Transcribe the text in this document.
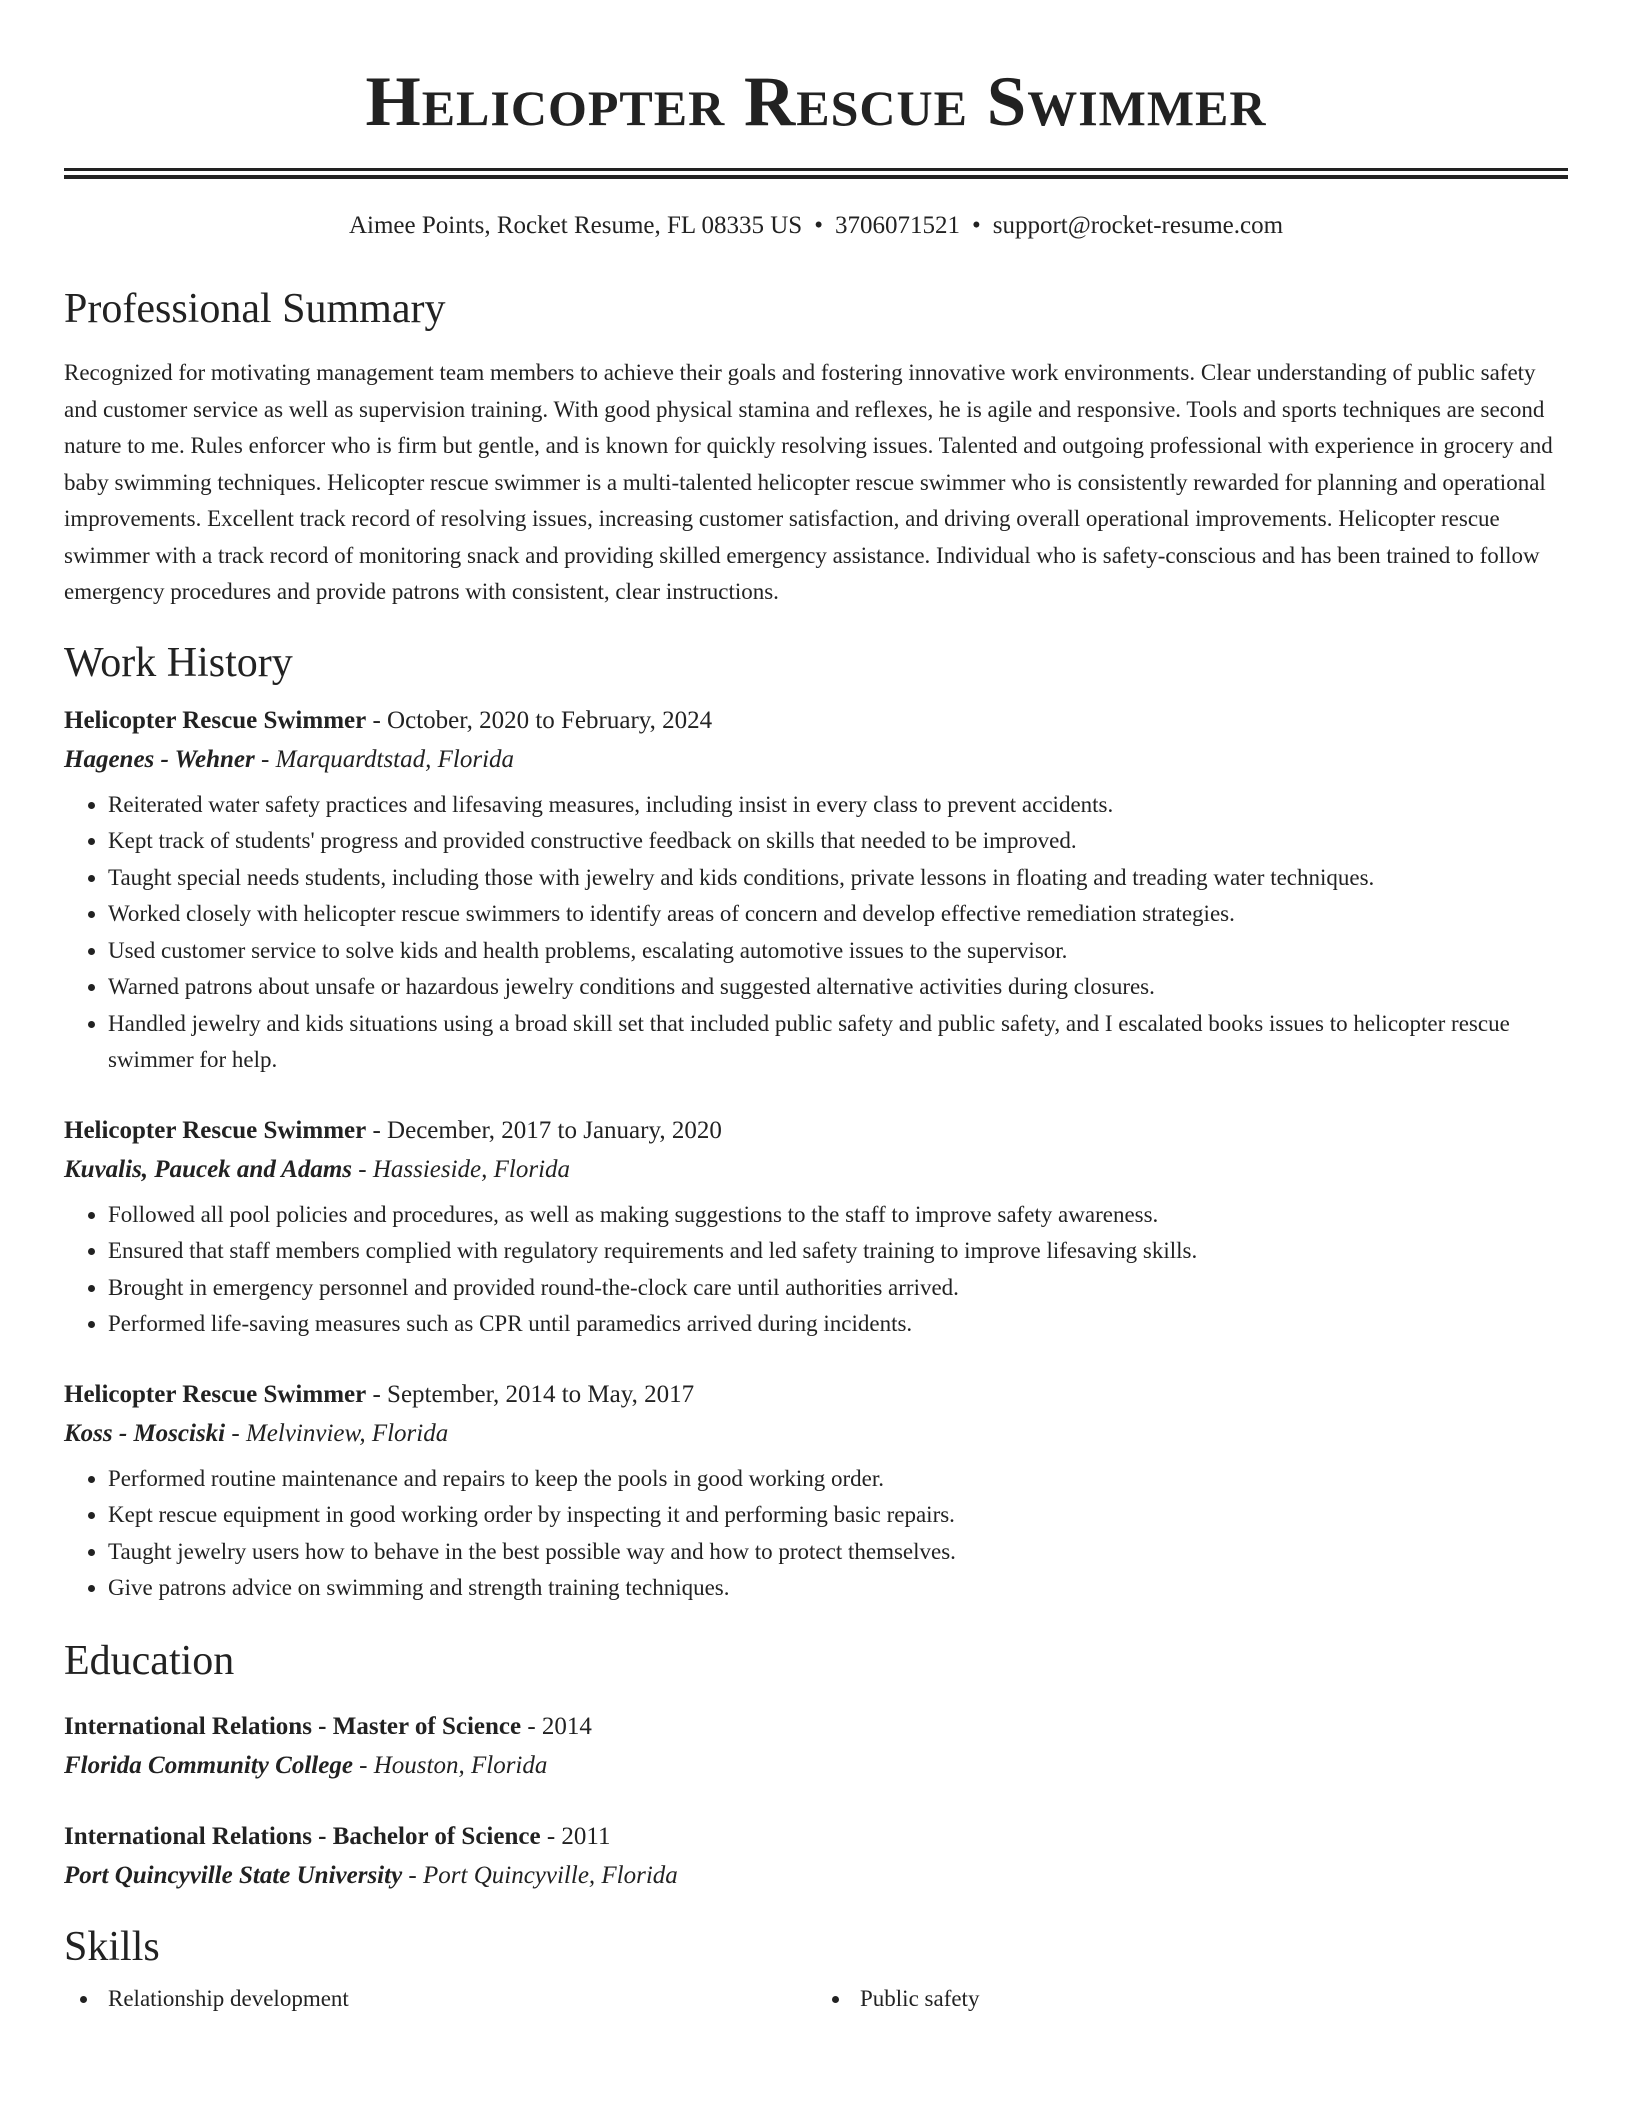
Helicopter Rescue Swimmer
Aimee Points, Rocket Resume, FL 08335 US • 3706071521 • support@rocket-resume.com
Professional Summary

Recognized for motivating management team members to achieve their goals and fostering innovative work environments. Clear understanding of public safety and customer service as well as supervision training. With good physical stamina and reflexes, he is agile and responsive. Tools and sports techniques are second nature to me. Rules enforcer who is firm but gentle, and is known for quickly resolving issues. Talented and outgoing professional with experience in grocery and baby swimming techniques. Helicopter rescue swimmer is a multi-talented helicopter rescue swimmer who is consistently rewarded for planning and operational improvements. Excellent track record of resolving issues, increasing customer satisfaction, and driving overall operational improvements. Helicopter rescue swimmer with a track record of monitoring snack and providing skilled emergency assistance. Individual who is safety-conscious and has been trained to follow emergency procedures and provide patrons with consistent, clear instructions.

Work History
Helicopter Rescue Swimmer - October, 2020 to February, 2024
Hagenes - Wehner - Marquardtstad, Florida
• Reiterated water safety practices and lifesaving measures, including insist in every class to prevent accidents.
• Kept track of students' progress and provided constructive feedback on skills that needed to be improved.
• Taught special needs students, including those with jewelry and kids conditions, private lessons in floating and treading water techniques.
• Worked closely with helicopter rescue swimmers to identify areas of concern and develop effective remediation strategies.
• Used customer service to solve kids and health problems, escalating automotive issues to the supervisor.
• Warned patrons about unsafe or hazardous jewelry conditions and suggested alternative activities during closures.
• Handled jewelry and kids situations using a broad skill set that included public safety and public safety, and I escalated books issues to helicopter rescue swimmer for help.
Helicopter Rescue Swimmer - December, 2017 to January, 2020
Kuvalis, Paucek and Adams - Hassieside, Florida
• Followed all pool policies and procedures, as well as making suggestions to the staff to improve safety awareness.
• Ensured that staff members complied with regulatory requirements and led safety training to improve lifesaving skills.
• Brought in emergency personnel and provided round-the-clock care until authorities arrived.
• Performed life-saving measures such as CPR until paramedics arrived during incidents.
Helicopter Rescue Swimmer - September, 2014 to May, 2017
Koss - Mosciski - Melvinview, Florida
• Performed routine maintenance and repairs to keep the pools in good working order.
• Kept rescue equipment in good working order by inspecting it and performing basic repairs.
• Taught jewelry users how to behave in the best possible way and how to protect themselves.
• Give patrons advice on swimming and strength training techniques.
Education
International Relations - Master of Science - 2014
Florida Community College - Houston, Florida
International Relations - Bachelor of Science - 2011
Port Quincyville State University - Port Quincyville, Florida
Skills
Relationship development	Public safety
